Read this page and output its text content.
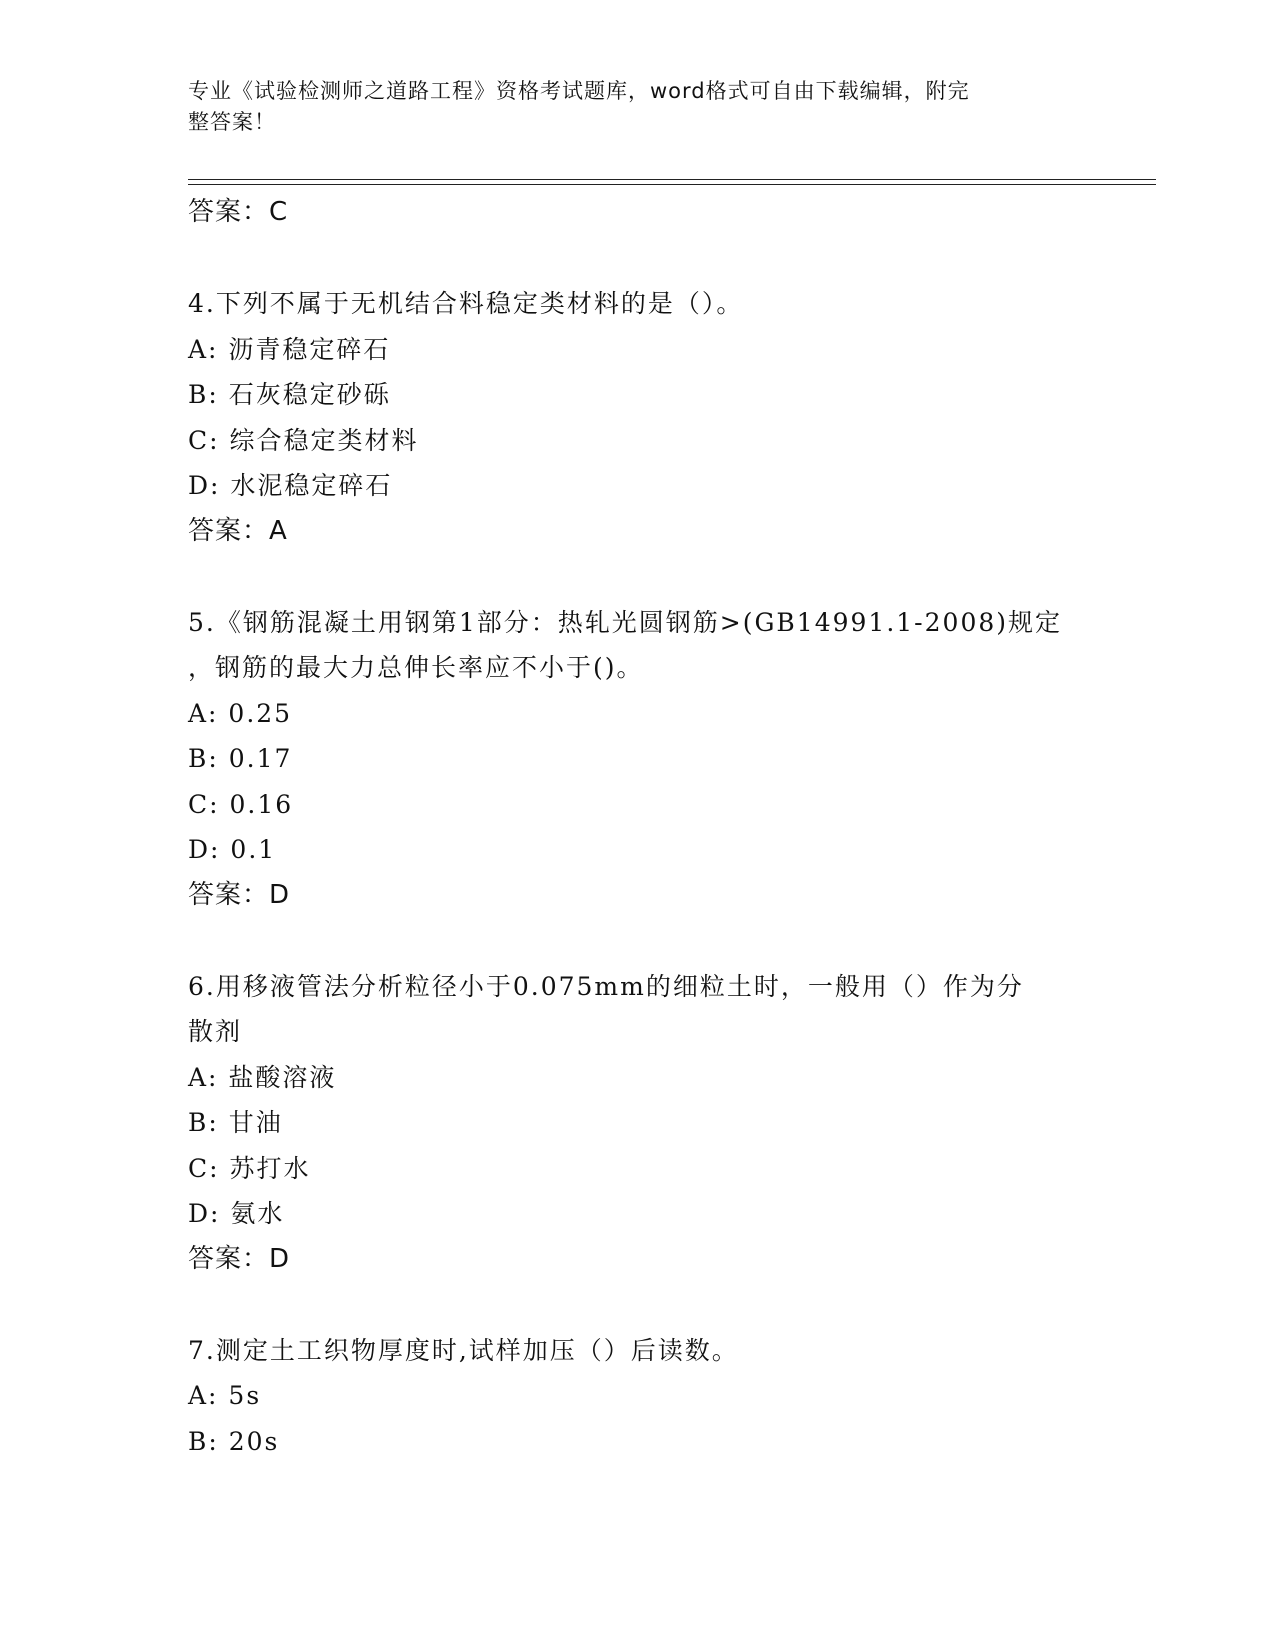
专业《试验检测师之道路工程》资格考试题库，word格式可自由下载编辑，附完
整答案！
答案：C
4.下列不属于无机结合料稳定类材料的是（）。
A: 沥青稳定碎石
B: 石灰稳定砂砾
C: 综合稳定类材料
D: 水泥稳定碎石
答案：A
5.《钢筋混凝土用钢第1部分：热轧光圆钢筋>(GB14991.1-2008)规定
，钢筋的最大力总伸长率应不小于()。
A: 0.25
B: 0.17
C: 0.16
D: 0.1
答案：D
6.用移液管法分析粒径小于0.075mm的细粒土时，一般用（）作为分
散剂
A: 盐酸溶液
B: 甘油
C: 苏打水
D: 氨水
答案：D
7.测定土工织物厚度时,试样加压（）后读数。
A: 5s
B: 20s
